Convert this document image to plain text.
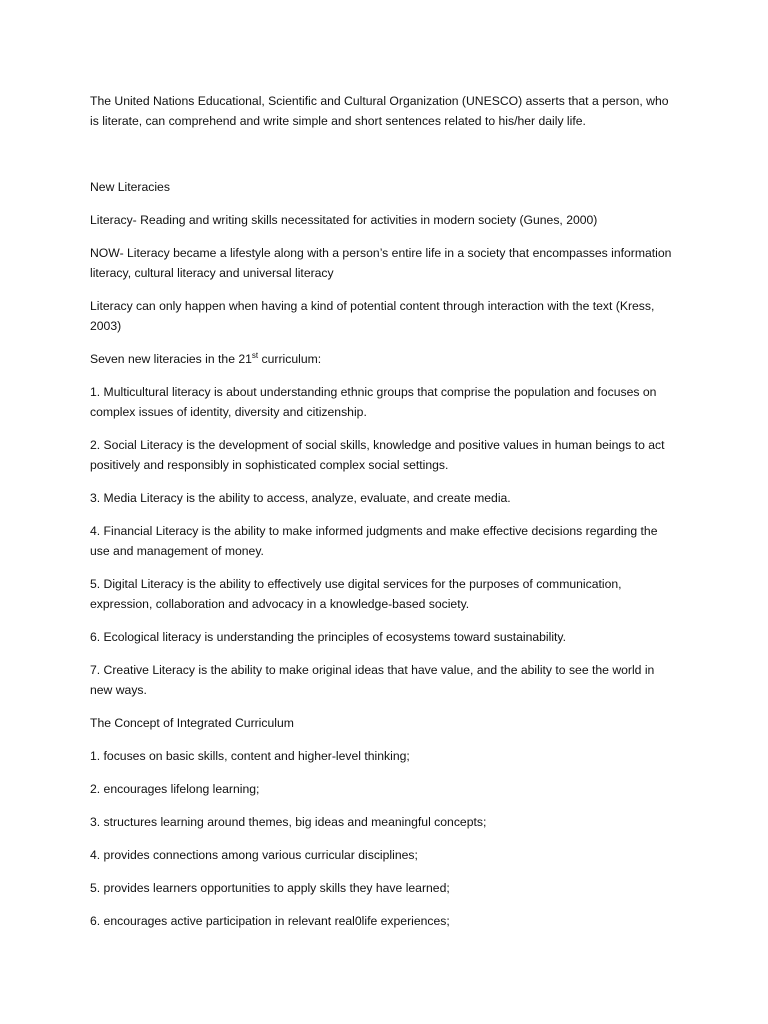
The United Nations Educational, Scientific and Cultural Organization (UNESCO) asserts that a person, who is literate, can comprehend and write simple and short sentences related to his/her daily life.

New Literacies

Literacy- Reading and writing skills necessitated for activities in modern society (Gunes, 2000)

NOW- Literacy became a lifestyle along with a person’s entire life in a society that encompasses information literacy, cultural literacy and universal literacy

Literacy can only happen when having a kind of potential content through interaction with the text (Kress, 2003)

Seven new literacies in the 21st curriculum:

1. Multicultural literacy is about understanding ethnic groups that comprise the population and focuses on complex issues of identity, diversity and citizenship.

2. Social Literacy is the development of social skills, knowledge and positive values in human beings to act positively and responsibly in sophisticated complex social settings.

3. Media Literacy is the ability to access, analyze, evaluate, and create media.

4. Financial Literacy is the ability to make informed judgments and make effective decisions regarding the use and management of money.

5. Digital Literacy is the ability to effectively use digital services for the purposes of communication, expression, collaboration and advocacy in a knowledge-based society.

6. Ecological literacy is understanding the principles of ecosystems toward sustainability.

7. Creative Literacy is the ability to make original ideas that have value, and the ability to see the world in new ways.

The Concept of Integrated Curriculum

1. focuses on basic skills, content and higher-level thinking;

2. encourages lifelong learning;

3. structures learning around themes, big ideas and meaningful concepts;

4. provides connections among various curricular disciplines;

5. provides learners opportunities to apply skills they have learned;

6. encourages active participation in relevant real0life experiences;
